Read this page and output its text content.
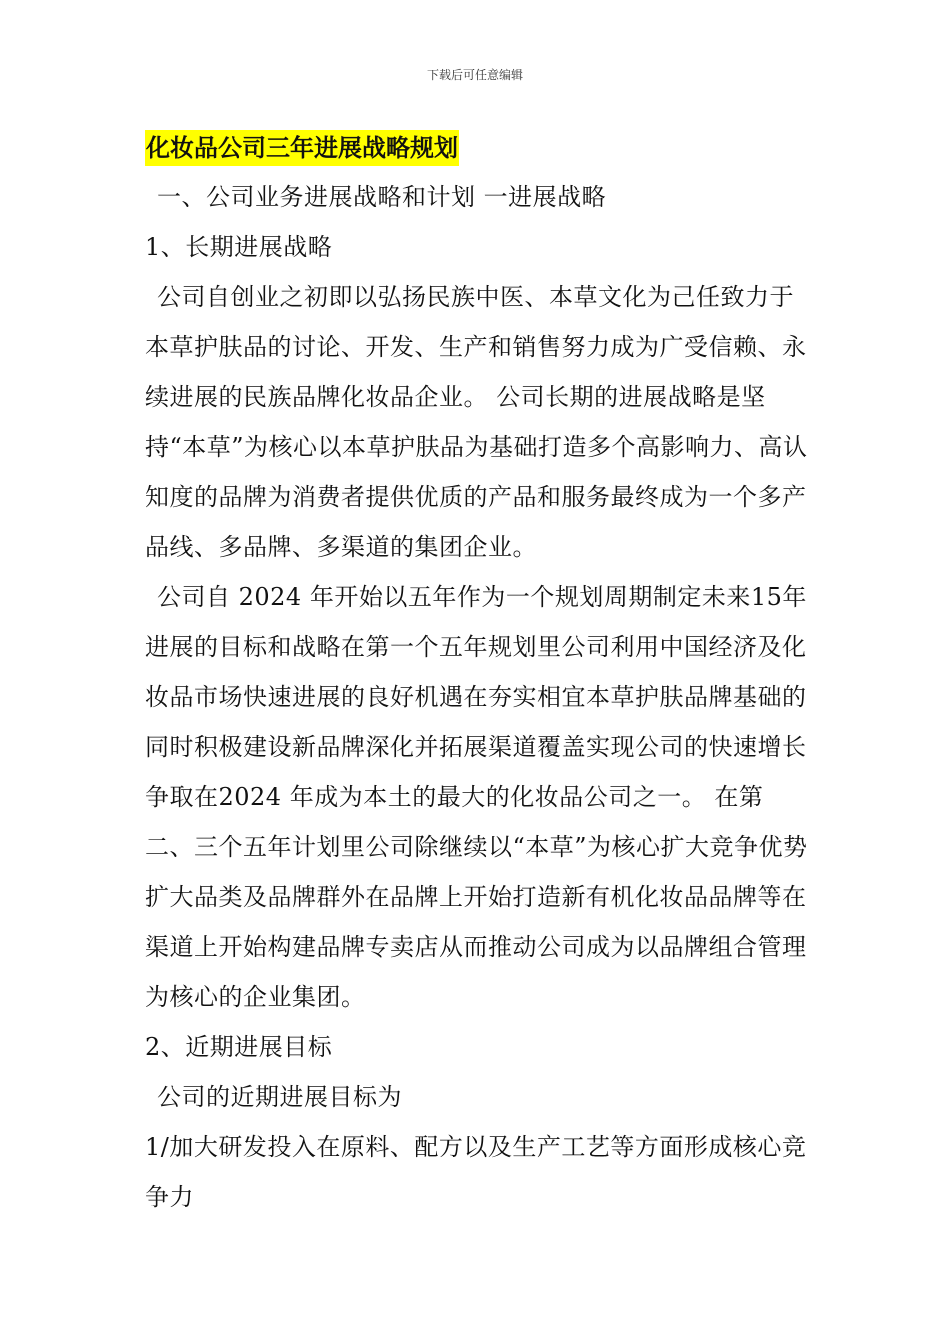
下载后可任意编辑
化妆品公司三年进展战略规划

一、公司业务进展战略和计划 一进展战略

1、长期进展战略

公司自创业之初即以弘扬民族中医、本草文化为己任致力于本草护肤品的讨论、开发、生产和销售努力成为广受信赖、永续进展的民族品牌化妆品企业。 公司长期的进展战略是坚持“本草”为核心以本草护肤品为基础打造多个高影响力、高认知度的品牌为消费者提供优质的产品和服务最终成为一个多产品线、多品牌、多渠道的集团企业。

公司自 2024 年开始以五年作为一个规划周期制定未来15年进展的目标和战略在第一个五年规划里公司利用中国经济及化妆品市场快速进展的良好机遇在夯实相宜本草护肤品牌基础的同时积极建设新品牌深化并拓展渠道覆盖实现公司的快速增长争取在2024 年成为本土的最大的化妆品公司之一。 在第二、三个五年计划里公司除继续以“本草”为核心扩大竞争优势扩大品类及品牌群外在品牌上开始打造新有机化妆品品牌等在渠道上开始构建品牌专卖店从而推动公司成为以品牌组合管理为核心的企业集团。

2、近期进展目标

公司的近期进展目标为

1/加大研发投入在原料、配方以及生产工艺等方面形成核心竞争力
